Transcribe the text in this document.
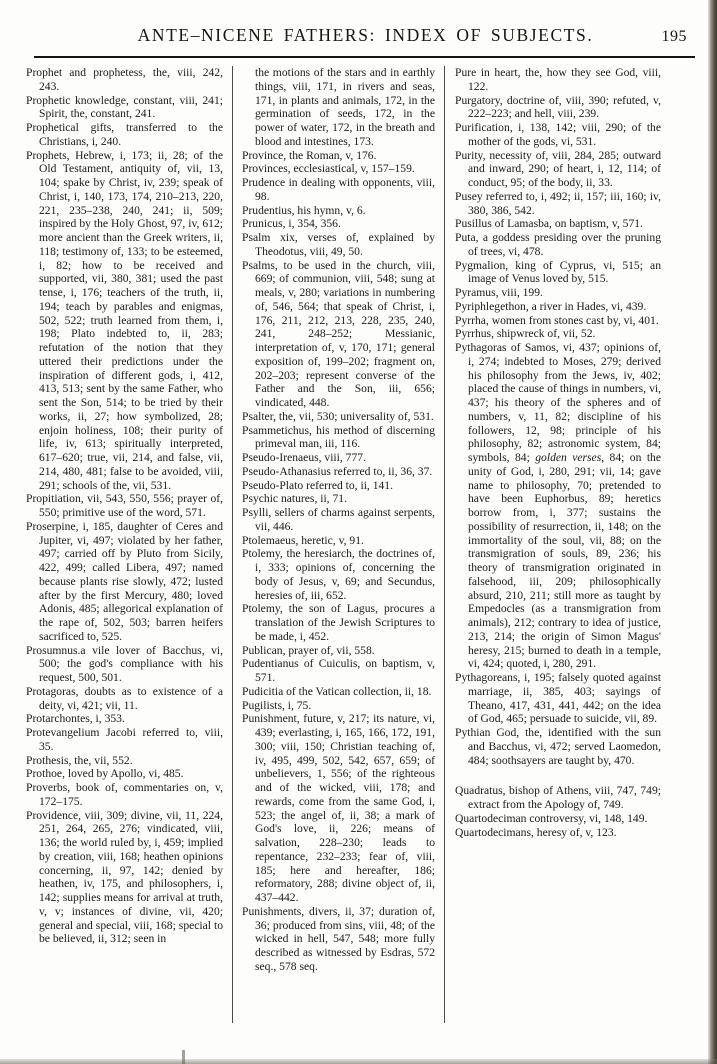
ANTE–NICENE FATHERS: INDEX OF SUBJECTS.	195
Prophet and prophetess, the, viii, 242, 243.
Prophetic knowledge, constant, viii, 241; Spirit, the, constant, 241.
Prophetical gifts, transferred to the Christians, i, 240.
Prophets, Hebrew, i, 173; ii, 28; of the Old Testament, antiquity of, vii, 13, 104; spake by Christ, iv, 239; speak of Christ, i, 140, 173, 174, 210–213, 220, 221, 235–238, 240, 241; ii, 509; inspired by the Holy Ghost, 97, iv, 612; more ancient than the Greek writers, ii, 118; testimony of, 133; to be esteemed, i, 82; how to be received and supported, vii, 380, 381; used the past tense, i, 176; teachers of the truth, ii, 194; teach by parables and enigmas, 502, 522; truth learned from them, i, 198; Plato indebted to, ii, 283; refutation of the notion that they uttered their predictions under the inspiration of different gods, i, 412, 413, 513; sent by the same Father, who sent the Son, 514; to be tried by their works, ii, 27; how symbolized, 28; enjoin holiness, 108; their purity of life, iv, 613; spiritually interpreted, 617–620; true, vii, 214, and false, vii, 214, 480, 481; false to be avoided, viii, 291; schools of the, vii, 531.
Propitiation, vii, 543, 550, 556; prayer of, 550; primitive use of the word, 571.
Proserpine, i, 185, daughter of Ceres and Jupiter, vi, 497; violated by her father, 497; carried off by Pluto from Sicily, 422, 499; called Libera, 497; named because plants rise slowly, 472; lusted after by the first Mercury, 480; loved Adonis, 485; allegorical explanation of the rape of, 502, 503; barren heifers sacrificed to, 525.
Prosumnus.a vile lover of Bacchus, vi, 500; the god's compliance with his request, 500, 501.
Protagoras, doubts as to existence of a deity, vi, 421; vii, 11.
Protarchontes, i, 353.
Protevangelium Jacobi referred to, viii, 35.
Prothesis, the, vii, 552.
Prothoe, loved by Apollo, vi, 485.
Proverbs, book of, commentaries on, v, 172–175.
Providence, viii, 309; divine, vii, 11, 224, 251, 264, 265, 276; vindicated, viii, 136; the world ruled by, i, 459; implied by creation, viii, 168; heathen opinions concerning, ii, 97, 142; denied by heathen, iv, 175, and philosophers, i, 142; supplies means for arrival at truth, v, v; instances of divine, vii, 420; general and special, viii, 168; special to be believed, ii, 312; seen in
the motions of the stars and in earthly things, viii, 171, in rivers and seas, 171, in plants and animals, 172, in the germination of seeds, 172, in the power of water, 172, in the breath and blood and intestines, 173.
Province, the Roman, v, 176.
Provinces, ecclesiastical, v, 157–159.
Prudence in dealing with opponents, viii, 98.
Prudentius, his hymn, v, 6.
Prunicus, i, 354, 356.
Psalm xix, verses of, explained by Theodotus, viii, 49, 50.
Psalms, to be used in the church, viii, 669; of communion, viii, 548; sung at meals, v, 280; variations in numbering of, 546, 564; that speak of Christ, i, 176, 211, 212, 213, 228, 235, 240, 241, 248–252; Messianic, interpretation of, v, 170, 171; general exposition of, 199–202; fragment on, 202–203; represent converse of the Father and the Son, iii, 656; vindicated, 448.
Psalter, the, vii, 530; universality of, 531.
Psammetichus, his method of discerning primeval man, iii, 116.
Pseudo-Irenaeus, viii, 777.
Pseudo-Athanasius referred to, ii, 36, 37.
Pseudo-Plato referred to, ii, 141.
Psychic natures, ii, 71.
Psylli, sellers of charms against serpents, vii, 446.
Ptolemaeus, heretic, v, 91.
Ptolemy, the heresiarch, the doctrines of, i, 333; opinions of, concerning the body of Jesus, v, 69; and Secundus, heresies of, iii, 652.
Ptolemy, the son of Lagus, procures a translation of the Jewish Scriptures to be made, i, 452.
Publican, prayer of, vii, 558.
Pudentianus of Cuiculis, on baptism, v, 571.
Pudicitia of the Vatican collection, ii, 18.
Pugilists, i, 75.
Punishment, future, v, 217; its nature, vi, 439; everlasting, i, 165, 166, 172, 191, 300; viii, 150; Christian teaching of, iv, 495, 499, 502, 542, 657, 659; of unbelievers, 1, 556; of the righteous and of the wicked, viii, 178; and rewards, come from the same God, i, 523; the angel of, ii, 38; a mark of God's love, ii, 226; means of salvation, 228–230; leads to repentance, 232–233; fear of, viii, 185; here and hereafter, 186; reformatory, 288; divine object of, ii, 437–442.
Punishments, divers, ii, 37; duration of, 36; produced from sins, viii, 48; of the wicked in hell, 547, 548; more fully described as witnessed by Esdras, 572 seq., 578 seq.
Pure in heart, the, how they see God, viii, 122.
Purgatory, doctrine of, viii, 390; refuted, v, 222–223; and hell, viii, 239.
Purification, i, 138, 142; viii, 290; of the mother of the gods, vi, 531.
Purity, necessity of, viii, 284, 285; outward and inward, 290; of heart, i, 12, 114; of conduct, 95; of the body, ii, 33.
Pusey referred to, i, 492; ii, 157; iii, 160; iv, 380, 386, 542.
Pusillus of Lamasba, on baptism, v, 571.
Puta, a goddess presiding over the pruning of trees, vi, 478.
Pygmalion, king of Cyprus, vi, 515; an image of Venus loved by, 515.
Pyramus, viii, 199.
Pyriphlegethon, a river in Hades, vi, 439.
Pyrrha, women from stones cast by, vi, 401.
Pyrrhus, shipwreck of, vii, 52.
Pythagoras of Samos, vi, 437; opinions of, i, 274; indebted to Moses, 279; derived his philosophy from the Jews, iv, 402; placed the cause of things in numbers, vi, 437; his theory of the spheres and of numbers, v, 11, 82; discipline of his followers, 12, 98; principle of his philosophy, 82; astronomic system, 84; symbols, 84; golden verses, 84; on the unity of God, i, 280, 291; vii, 14; gave name to philosophy, 70; pretended to have been Euphorbus, 89; heretics borrow from, i, 377; sustains the possibility of resurrection, ii, 148; on the immortality of the soul, vii, 88; on the transmigration of souls, 89, 236; his theory of transmigration originated in falsehood, iii, 209; philosophically absurd, 210, 211; still more as taught by Empedocles (as a transmigration from animals), 212; contrary to idea of justice, 213, 214; the origin of Simon Magus' heresy, 215; burned to death in a temple, vi, 424; quoted, i, 280, 291.
Pythagoreans, i, 195; falsely quoted against marriage, ii, 385, 403; sayings of Theano, 417, 431, 441, 442; on the idea of God, 465; persuade to suicide, vii, 89.
Pythian God, the, identified with the sun and Bacchus, vi, 472; served Laomedon, 484; soothsayers are taught by, 470.
Quadratus, bishop of Athens, viii, 747, 749; extract from the Apology of, 749.
Quartodeciman controversy, vi, 148, 149.
Quartodecimans, heresy of, v, 123.
